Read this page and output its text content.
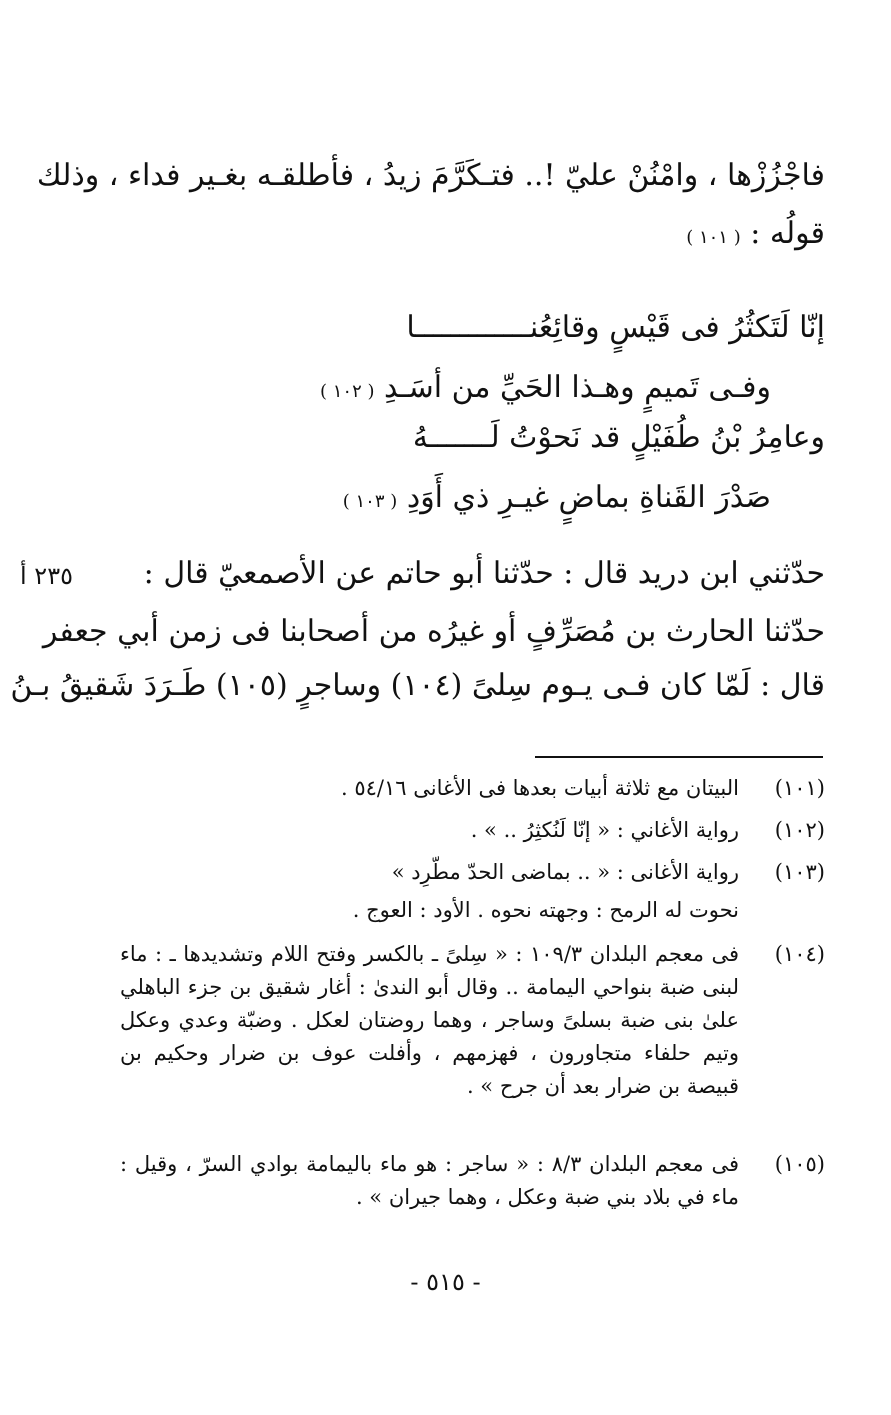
فاجْزُزْها ، وامْنُنْ عليّ !.. فتـكَرَّمَ زيدُ ، فأطلقـه بغـير فداء ، وذلك
قولُه : ( ١٠١ )
إنّا لَتَكثُرُ فى قَيْسٍ وقائِعُنـــــــــــــا
وفـى تَميمٍ وهـذا الحَيِّ من أسَـدِ ( ١٠٢ )
وعامِرُ بْنُ طُفَيْلٍ قد نَحوْتُ لَـــــــهُ
صَدْرَ القَناةِ بماضٍ غيـرِ ذي أَوَدِ ( ١٠٣ )
٢٣٥ أ	حدّثني ابن دريد قال : حدّثنا أبو حاتم عن الأصمعيّ قال :
حدّثنا الحارث بن مُصَرِّفٍ أو غيرُه من أصحابنا فى زمن أبي جعفر
قال : لَمّا كان فـى يـوم سِلىً (١٠٤) وساجرٍ (١٠٥) طَـرَدَ شَقيقُ بـنُ
(١٠١)
البيتان مع ثلاثة أبيات بعدها فى الأغانى ٥٤/١٦ .
(١٠٢)
رواية الأغاني : « إنّا لَنُكثِرُ .. » .
(١٠٣)
رواية الأغانى : « .. بماضى الحدّ مطّرِد »
نحوت له الرمح : وجهته نحوه . الأود : العوج .
(١٠٤)
فى معجم البلدان ١٠٩/٣ : « سِلىً ـ بالكسر وفتح اللام وتشديدها ـ : ماء لبنى ضبة بنواحي اليمامة .. وقال أبو الندىٰ : أغار شقيق بن جزء الباهلي علىٰ بنى ضبة بسلىً وساجر ، وهما روضتان لعكل . وضبّة وعدي وعكل وتيم حلفاء متجاورون ، فهزمهم ، وأفلت عوف بن ضرار وحكيم بن قبيصة بن ضرار بعد أن جرح » .
(١٠٥)
فى معجم البلدان ٨/٣ : « ساجر : هو ماء باليمامة بوادي السرّ ، وقيل : ماء في بلاد بني ضبة وعكل ، وهما جيران » .
- ٥١٥ -
